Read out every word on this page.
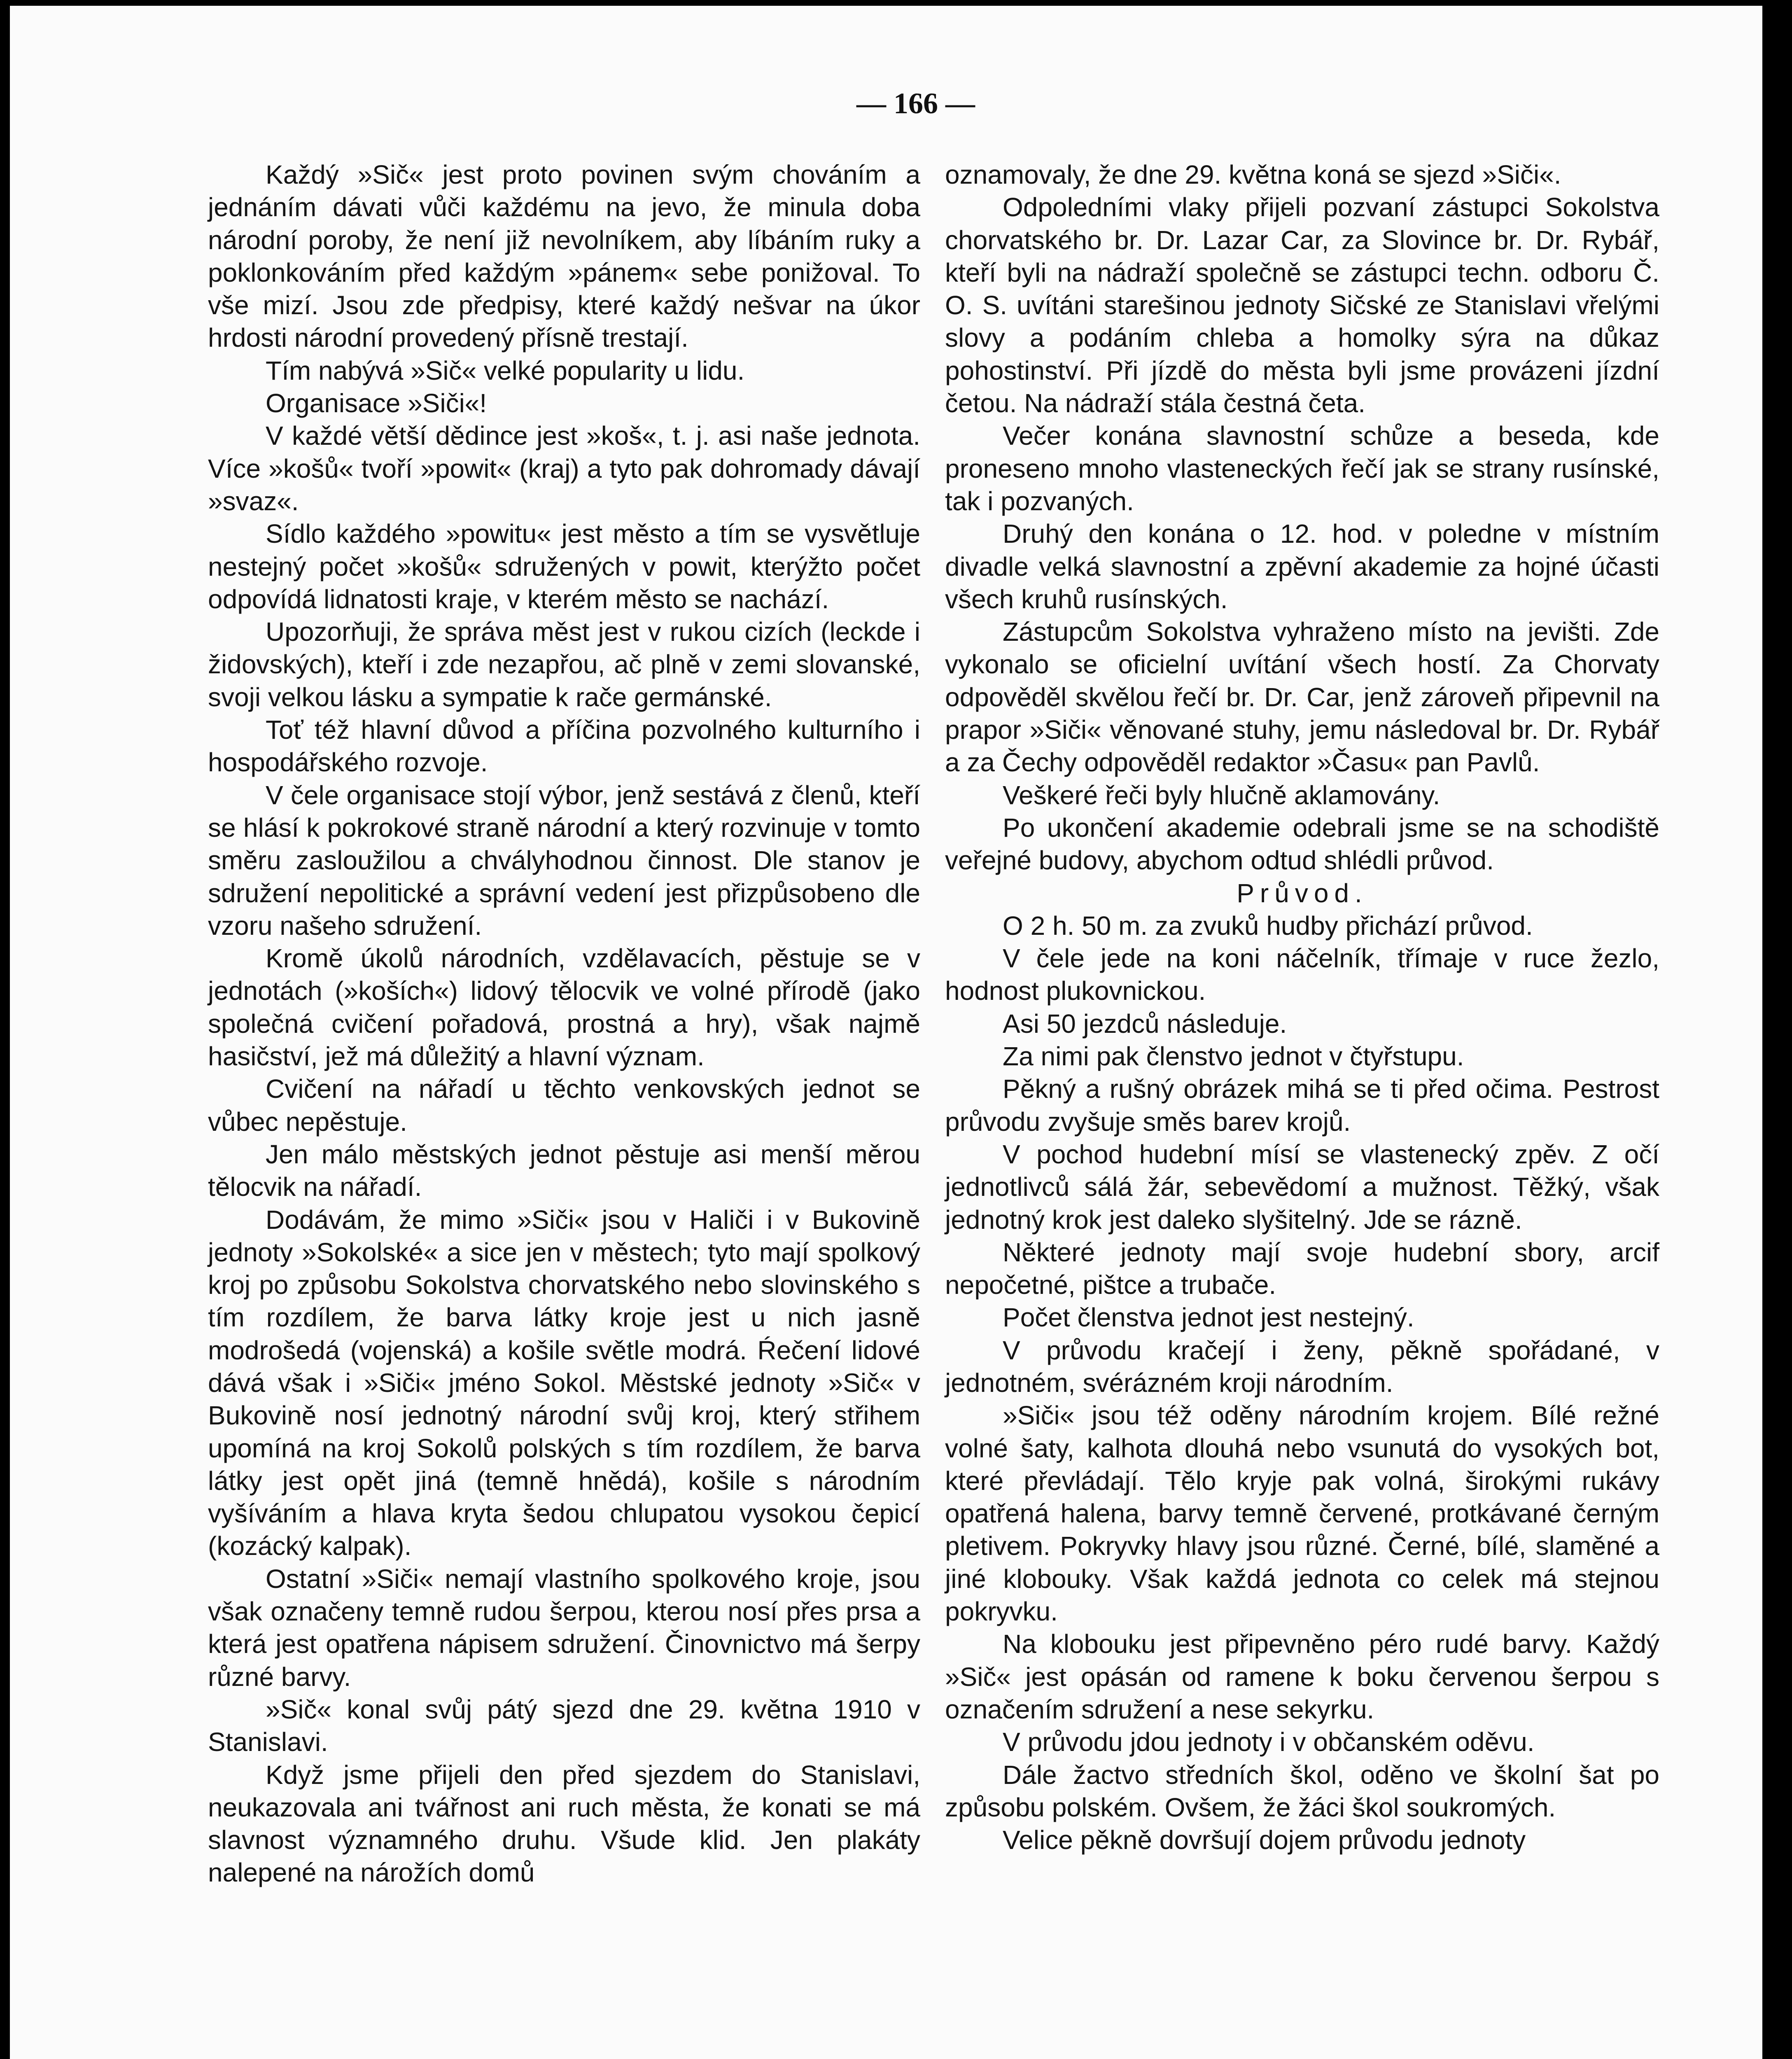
— 166 —

Každý »Sič« jest proto povinen svým chováním a jednáním dávati vůči každému na jevo, že minula doba národní poroby, že není již nevolníkem, aby líbáním ruky a poklonkováním před každým »pánem« sebe ponižoval. To vše mizí. Jsou zde předpisy, které každý nešvar na úkor hrdosti národní provedený přísně trestají.

Tím nabývá »Sič« velké popularity u lidu.

Organisace »Siči«!

V každé větší dědince jest »koš«, t. j. asi naše jednota. Více »košů« tvoří »powit« (kraj) a tyto pak dohromady dávají »svaz«.

Sídlo každého »powitu« jest město a tím se vysvětluje nestejný počet »košů« sdružených v powit, kterýžto počet odpovídá lidnatosti kraje, v kterém město se nachází.

Upozorňuji, že správa měst jest v rukou cizích (leckde i židovských), kteří i zde nezapřou, ač plně v zemi slovanské, svoji velkou lásku a sympatie k rače germánské.

Toť též hlavní důvod a příčina pozvolného kulturního i hospodářského rozvoje.

V čele organisace stojí výbor, jenž sestává z členů, kteří se hlásí k pokrokové straně národní a který rozvinuje v tomto směru zasloužilou a chvályhodnou činnost. Dle stanov je sdružení nepolitické a správní vedení jest přizpůsobeno dle vzoru našeho sdružení.

Kromě úkolů národních, vzdělavacích, pěstuje se v jednotách (»koších«) lidový tělocvik ve volné přírodě (jako společná cvičení pořadová, prostná a hry), však najmě hasičství, jež má důležitý a hlavní význam.

Cvičení na nářadí u těchto venkovských jednot se vůbec nepěstuje.

Jen málo městských jednot pěstuje asi menší měrou tělocvik na nářadí.

Dodávám, že mimo »Siči« jsou v Haliči i v Bukovině jednoty »Sokolské« a sice jen v městech; tyto mají spolkový kroj po způsobu Sokolstva chorvatského nebo slovinského s tím rozdílem, že barva látky kroje jest u nich jasně modrošedá (vojenská) a košile světle modrá. Ŕečení lidové dává však i »Siči« jméno Sokol. Městské jednoty »Sič« v Bukovině nosí jednotný národní svůj kroj, který střihem upomíná na kroj Sokolů polských s tím rozdílem, že barva látky jest opět jiná (temně hnědá), košile s národním vyšíváním a hlava kryta šedou chlupatou vysokou čepicí (kozácký kalpak).

Ostatní »Siči« nemají vlastního spolkového kroje, jsou však označeny temně rudou šerpou, kterou nosí přes prsa a která jest opatřena nápisem sdružení. Činovnictvo má šerpy různé barvy.

»Sič« konal svůj pátý sjezd dne 29. května 1910 v Stanislavi.

Když jsme přijeli den před sjezdem do Stanislavi, neukazovala ani tvářnost ani ruch města, že konati se má slavnost významného druhu. Všude klid. Jen plakáty nalepené na nárožích domů

oznamovaly, že dne 29. května koná se sjezd »Siči«.

Odpoledními vlaky přijeli pozvaní zástupci Sokolstva chorvatského br. Dr. Lazar Car, za Slovince br. Dr. Rybář, kteří byli na nádraží společně se zástupci techn. odboru Č. O. S. uvítáni starešinou jednoty Sičské ze Stanislavi vřelými slovy a podáním chleba a homolky sýra na důkaz pohostinství. Při jízdě do města byli jsme provázeni jízdní četou. Na nádraží stála čestná četa.

Večer konána slavnostní schůze a beseda, kde proneseno mnoho vlasteneckých řečí jak se strany rusínské, tak i pozvaných.

Druhý den konána o 12. hod. v poledne v místním divadle velká slavnostní a zpěvní akademie za hojné účasti všech kruhů rusínských.

Zástupcům Sokolstva vyhraženo místo na jevišti. Zde vykonalo se oficielní uvítání všech hostí. Za Chorvaty odpověděl skvělou řečí br. Dr. Car, jenž zároveň připevnil na prapor »Siči« věnované stuhy, jemu následoval br. Dr. Rybář a za Čechy odpověděl redaktor »Času« pan Pavlů.

Veškeré řeči byly hlučně aklamovány.

Po ukončení akademie odebrali jsme se na schodiště veřejné budovy, abychom odtud shlédli průvod.

Průvod.

O 2 h. 50 m. za zvuků hudby přichází průvod.

V čele jede na koni náčelník, třímaje v ruce žezlo, hodnost plukovnickou.

Asi 50 jezdců následuje.

Za nimi pak členstvo jednot v čtyřstupu.

Pěkný a rušný obrázek mihá se ti před očima. Pestrost průvodu zvyšuje směs barev krojů.

V pochod hudební mísí se vlastenecký zpěv. Z očí jednotlivců sálá žár, sebevědomí a mužnost. Těžký, však jednotný krok jest daleko slyšitelný. Jde se rázně.

Některé jednoty mají svoje hudební sbory, arcif nepočetné, pištce a trubače.

Počet členstva jednot jest nestejný.

V průvodu kračejí i ženy, pěkně spořádané, v jednotném, svérázném kroji národním.

»Siči« jsou též oděny národním krojem. Bílé režné volné šaty, kalhota dlouhá nebo vsunutá do vysokých bot, které převládají. Tělo kryje pak volná, širokými rukávy opatřená halena, barvy temně červené, protkávané černým pletivem. Pokryvky hlavy jsou různé. Černé, bílé, slaměné a jiné klobouky. Však každá jednota co celek má stejnou pokryvku.

Na klobouku jest připevněno péro rudé barvy. Každý »Sič« jest opásán od ramene k boku červenou šerpou s označením sdružení a nese sekyrku.

V průvodu jdou jednoty i v občanském oděvu.

Dále žactvo středních škol, oděno ve školní šat po způsobu polském. Ovšem, že žáci škol soukromých.

Velice pěkně dovršují dojem průvodu jednoty
